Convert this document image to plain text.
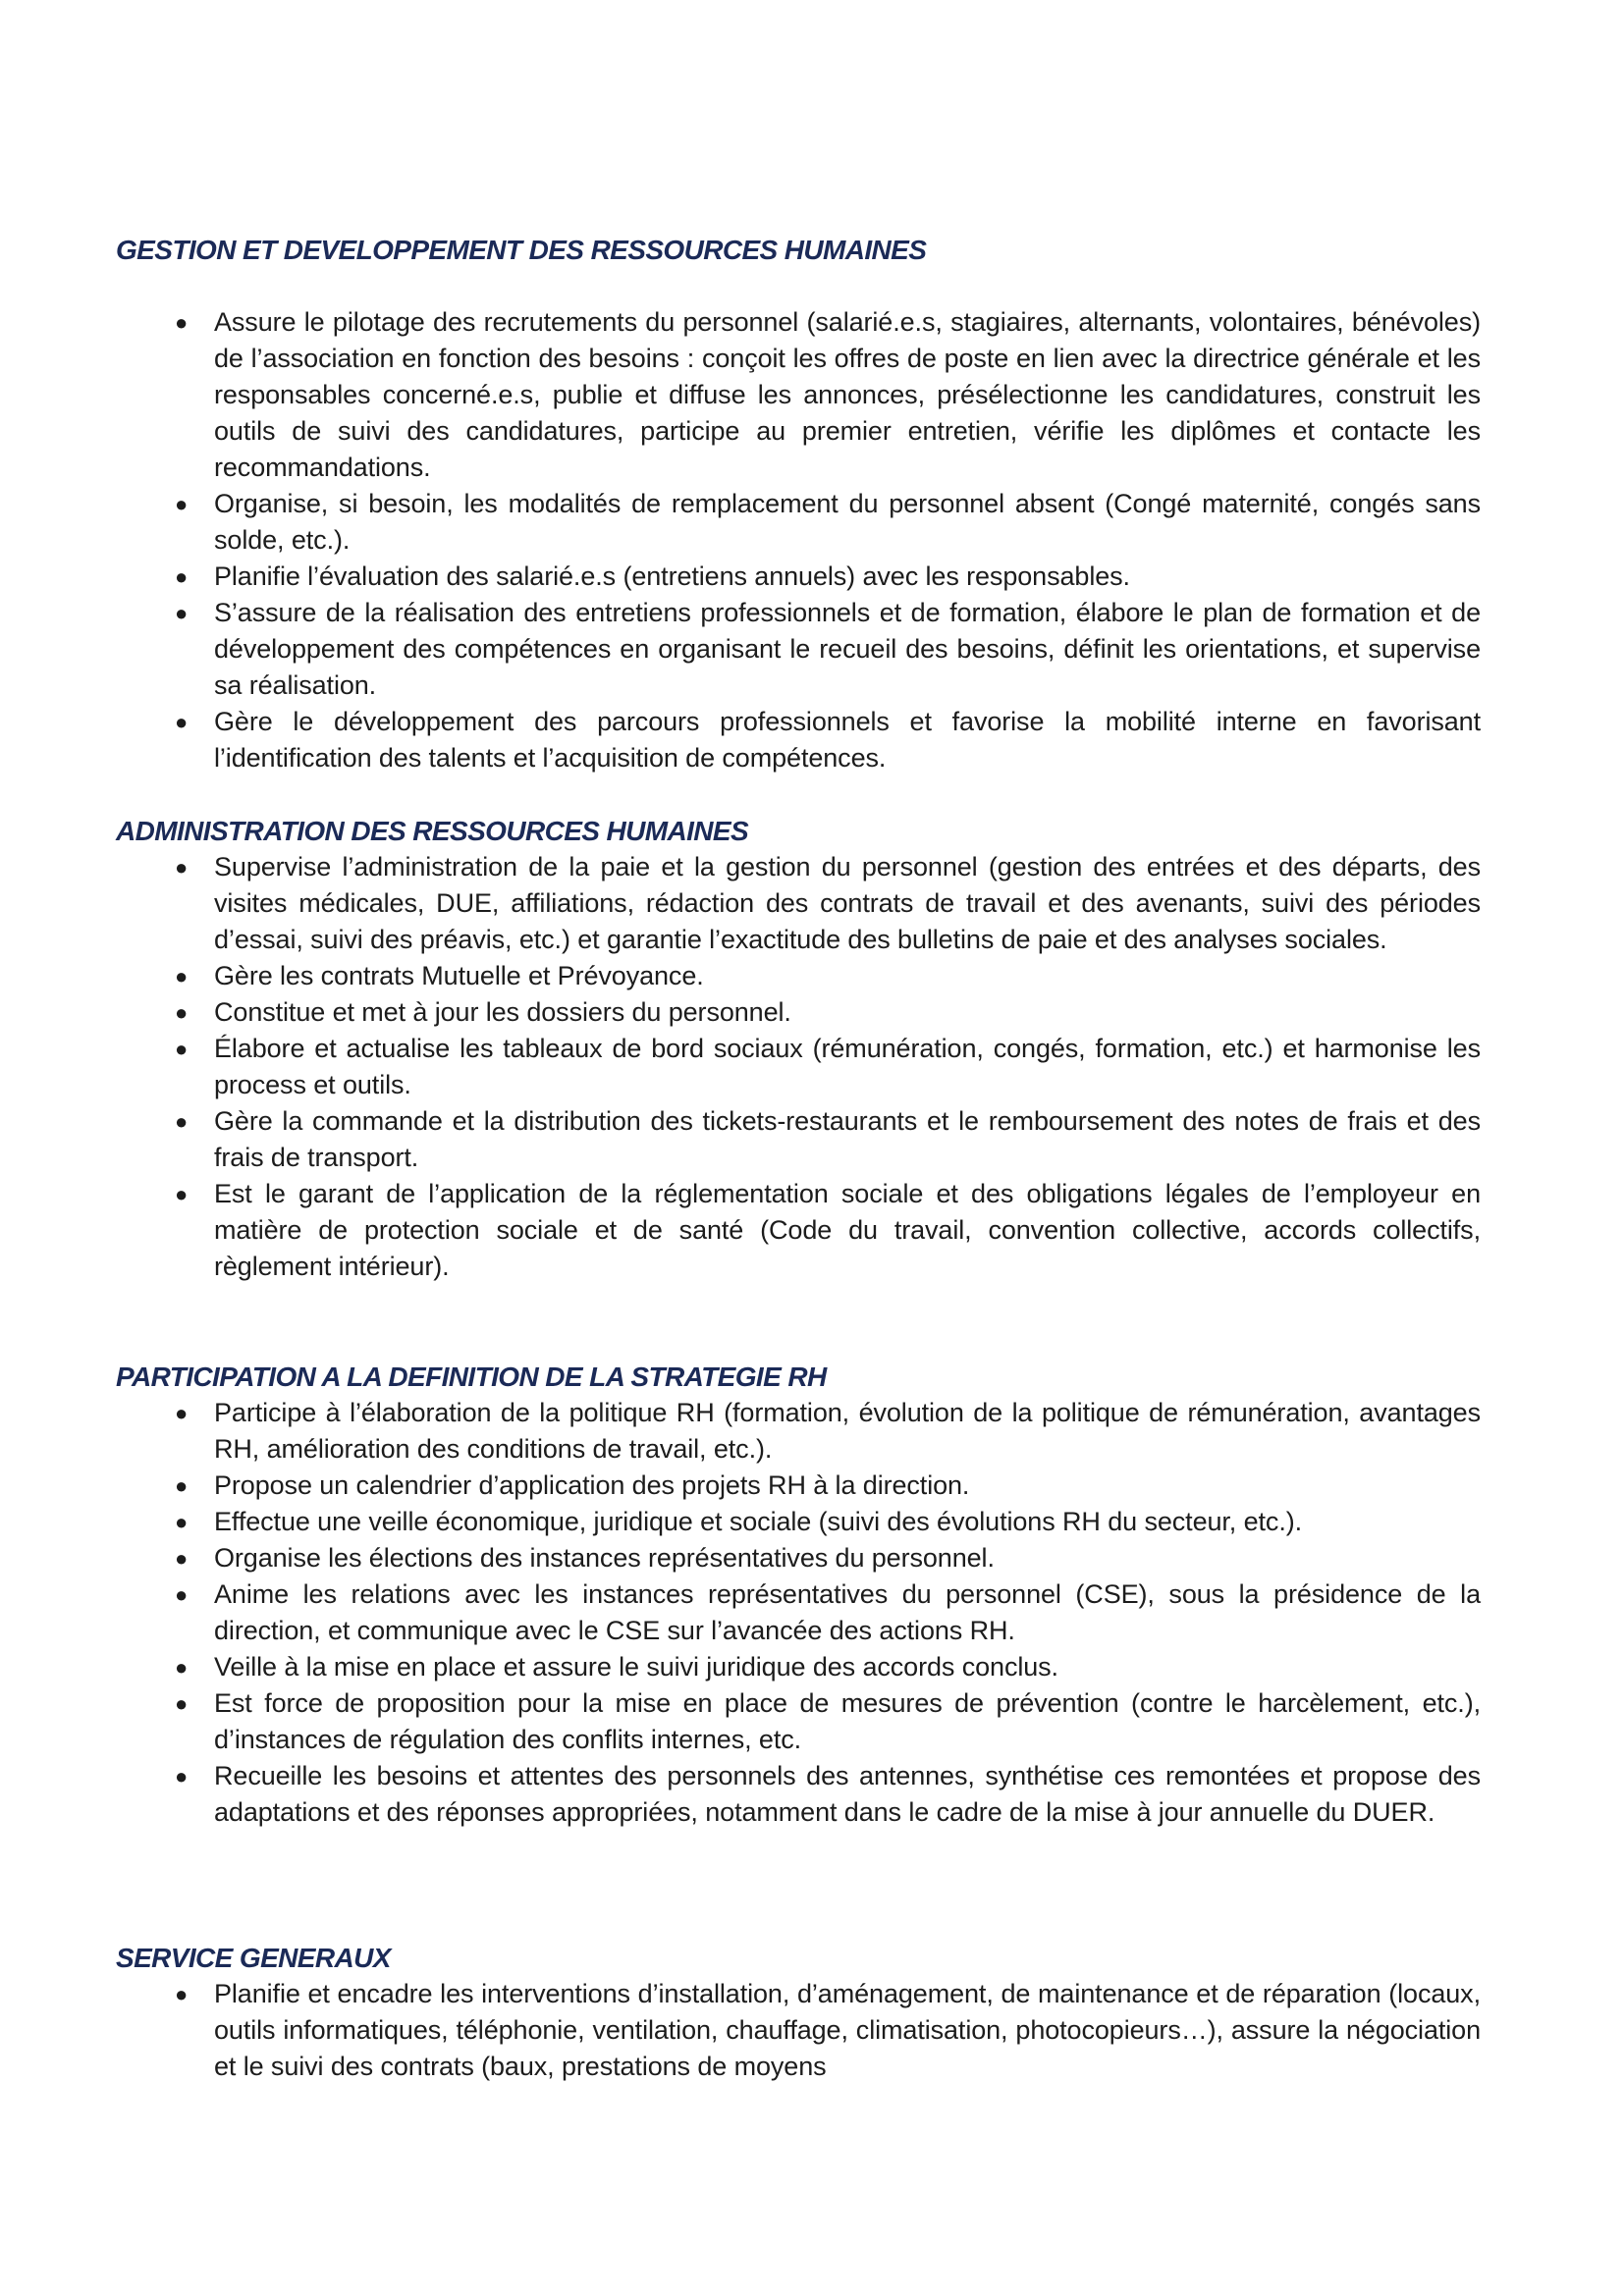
GESTION ET DEVELOPPEMENT DES RESSOURCES HUMAINES
● Assure le pilotage des recrutements du personnel (salarié.e.s, stagiaires, alternants, volontaires, bénévoles) de l’association en fonction des besoins : conçoit les offres de poste en lien avec la directrice générale et les responsables concerné.e.s, publie et diffuse les annonces, présélectionne les candidatures, construit les outils de suivi des candidatures, participe au premier entretien, vérifie les diplômes et contacte les recommandations.
● Organise, si besoin, les modalités de remplacement du personnel absent (Congé maternité, congés sans solde, etc.).
● Planifie l’évaluation des salarié.e.s (entretiens annuels) avec les responsables.
● S’assure de la réalisation des entretiens professionnels et de formation, élabore le plan de formation et de développement des compétences en organisant le recueil des besoins, définit les orientations, et supervise sa réalisation.
● Gère le développement des parcours professionnels et favorise la mobilité interne en favorisant l’identification des talents et l’acquisition de compétences.
ADMINISTRATION DES RESSOURCES HUMAINES
● Supervise l’administration de la paie et la gestion du personnel (gestion des entrées et des départs, des visites médicales, DUE, affiliations, rédaction des contrats de travail et des avenants, suivi des périodes d’essai, suivi des préavis, etc.) et garantie l’exactitude des bulletins de paie et des analyses sociales.
● Gère les contrats Mutuelle et Prévoyance.
● Constitue et met à jour les dossiers du personnel.
● Élabore et actualise les tableaux de bord sociaux (rémunération, congés, formation, etc.) et harmonise les process et outils.
● Gère la commande et la distribution des tickets-restaurants et le remboursement des notes de frais et des frais de transport.
● Est le garant de l’application de la réglementation sociale et des obligations légales de l’employeur en matière de protection sociale et de santé (Code du travail, convention collective, accords collectifs, règlement intérieur).
PARTICIPATION A LA DEFINITION DE LA STRATEGIE RH
● Participe à l’élaboration de la politique RH (formation, évolution de la politique de rémunération, avantages RH, amélioration des conditions de travail, etc.).
● Propose un calendrier d’application des projets RH à la direction.
● Effectue une veille économique, juridique et sociale (suivi des évolutions RH du secteur, etc.).
● Organise les élections des instances représentatives du personnel.
● Anime les relations avec les instances représentatives du personnel (CSE), sous la présidence de la direction, et communique avec le CSE sur l’avancée des actions RH.
● Veille à la mise en place et assure le suivi juridique des accords conclus.
● Est force de proposition pour la mise en place de mesures de prévention (contre le harcèlement, etc.), d’instances de régulation des conflits internes, etc.
● Recueille les besoins et attentes des personnels des antennes, synthétise ces remontées et propose des adaptations et des réponses appropriées, notamment dans le cadre de la mise à jour annuelle du DUER.
SERVICE GENERAUX
● Planifie et encadre les interventions d’installation, d’aménagement, de maintenance et de réparation (locaux, outils informatiques, téléphonie, ventilation, chauffage, climatisation, photocopieurs…), assure la négociation et le suivi des contrats (baux, prestations de moyens
